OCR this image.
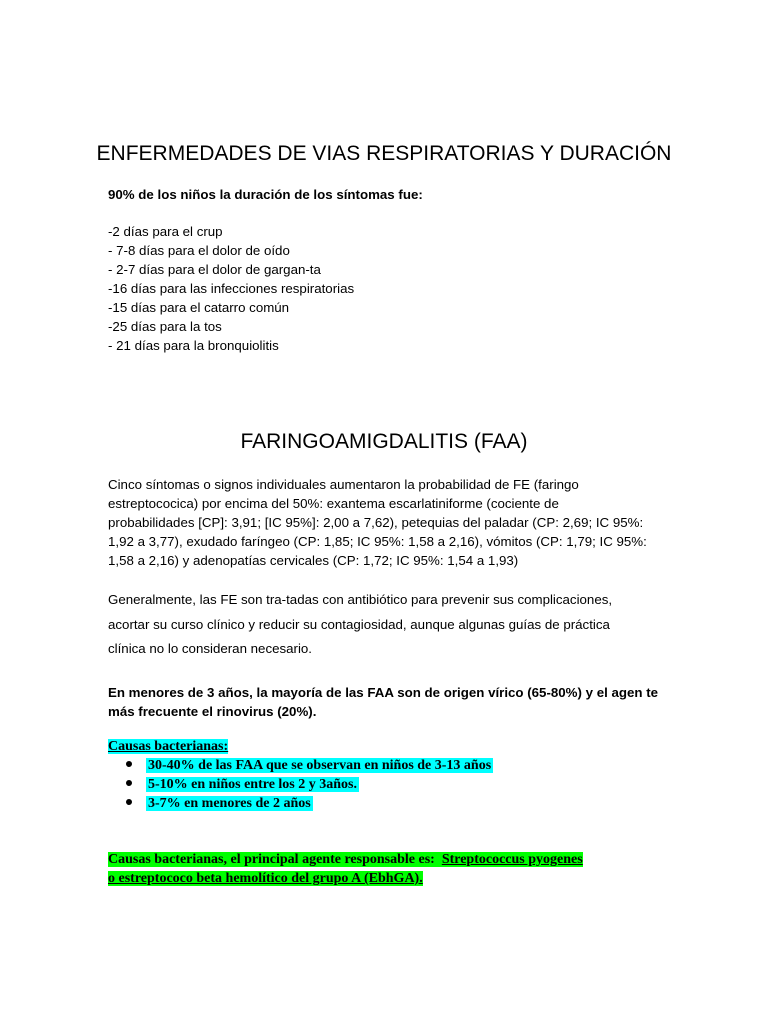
ENFERMEDADES DE VIAS RESPIRATORIAS Y DURACIÓN
90% de los niños la duración de los síntomas fue:
-2 días para el crup
- 7-8 días para el dolor de oído
- 2-7 días para el dolor de gargan-ta
-16 días para las infecciones respiratorias
-15 días para el catarro común
-25 días para la tos
- 21 días para la bronquiolitis
FARINGOAMIGDALITIS (FAA)
Cinco síntomas o signos individuales aumentaron la probabilidad de FE (faringo
estreptococica) por encima del 50%: exantema escarlatiniforme (cociente de
probabilidades [CP]: 3,91; [IC 95%]: 2,00 a 7,62), petequias del paladar (CP: 2,69; IC 95%:
1,92 a 3,77), exudado faríngeo (CP: 1,85; IC 95%: 1,58 a 2,16), vómitos (CP: 1,79; IC 95%:
1,58 a 2,16) y adenopatías cervicales (CP: 1,72; IC 95%: 1,54 a 1,93)
Generalmente, las FE son tra-tadas con antibiótico para prevenir sus complicaciones,
acortar su curso clínico y reducir su contagiosidad, aunque algunas guías de práctica
clínica no lo consideran necesario.
En menores de 3 años, la mayoría de las FAA son de origen vírico (65-80%) y el agen te
más frecuente el rinovirus (20%).
Causas bacterianas:
30-40% de las FAA que se observan en niños de 3-13 años
5-10% en niños entre los 2 y 3años.
3-7% en menores de 2 años
Causas bacterianas, el principal agente responsable es: Streptococcus pyogenes
o estreptococo beta hemolítico del grupo A (EbhGA).
